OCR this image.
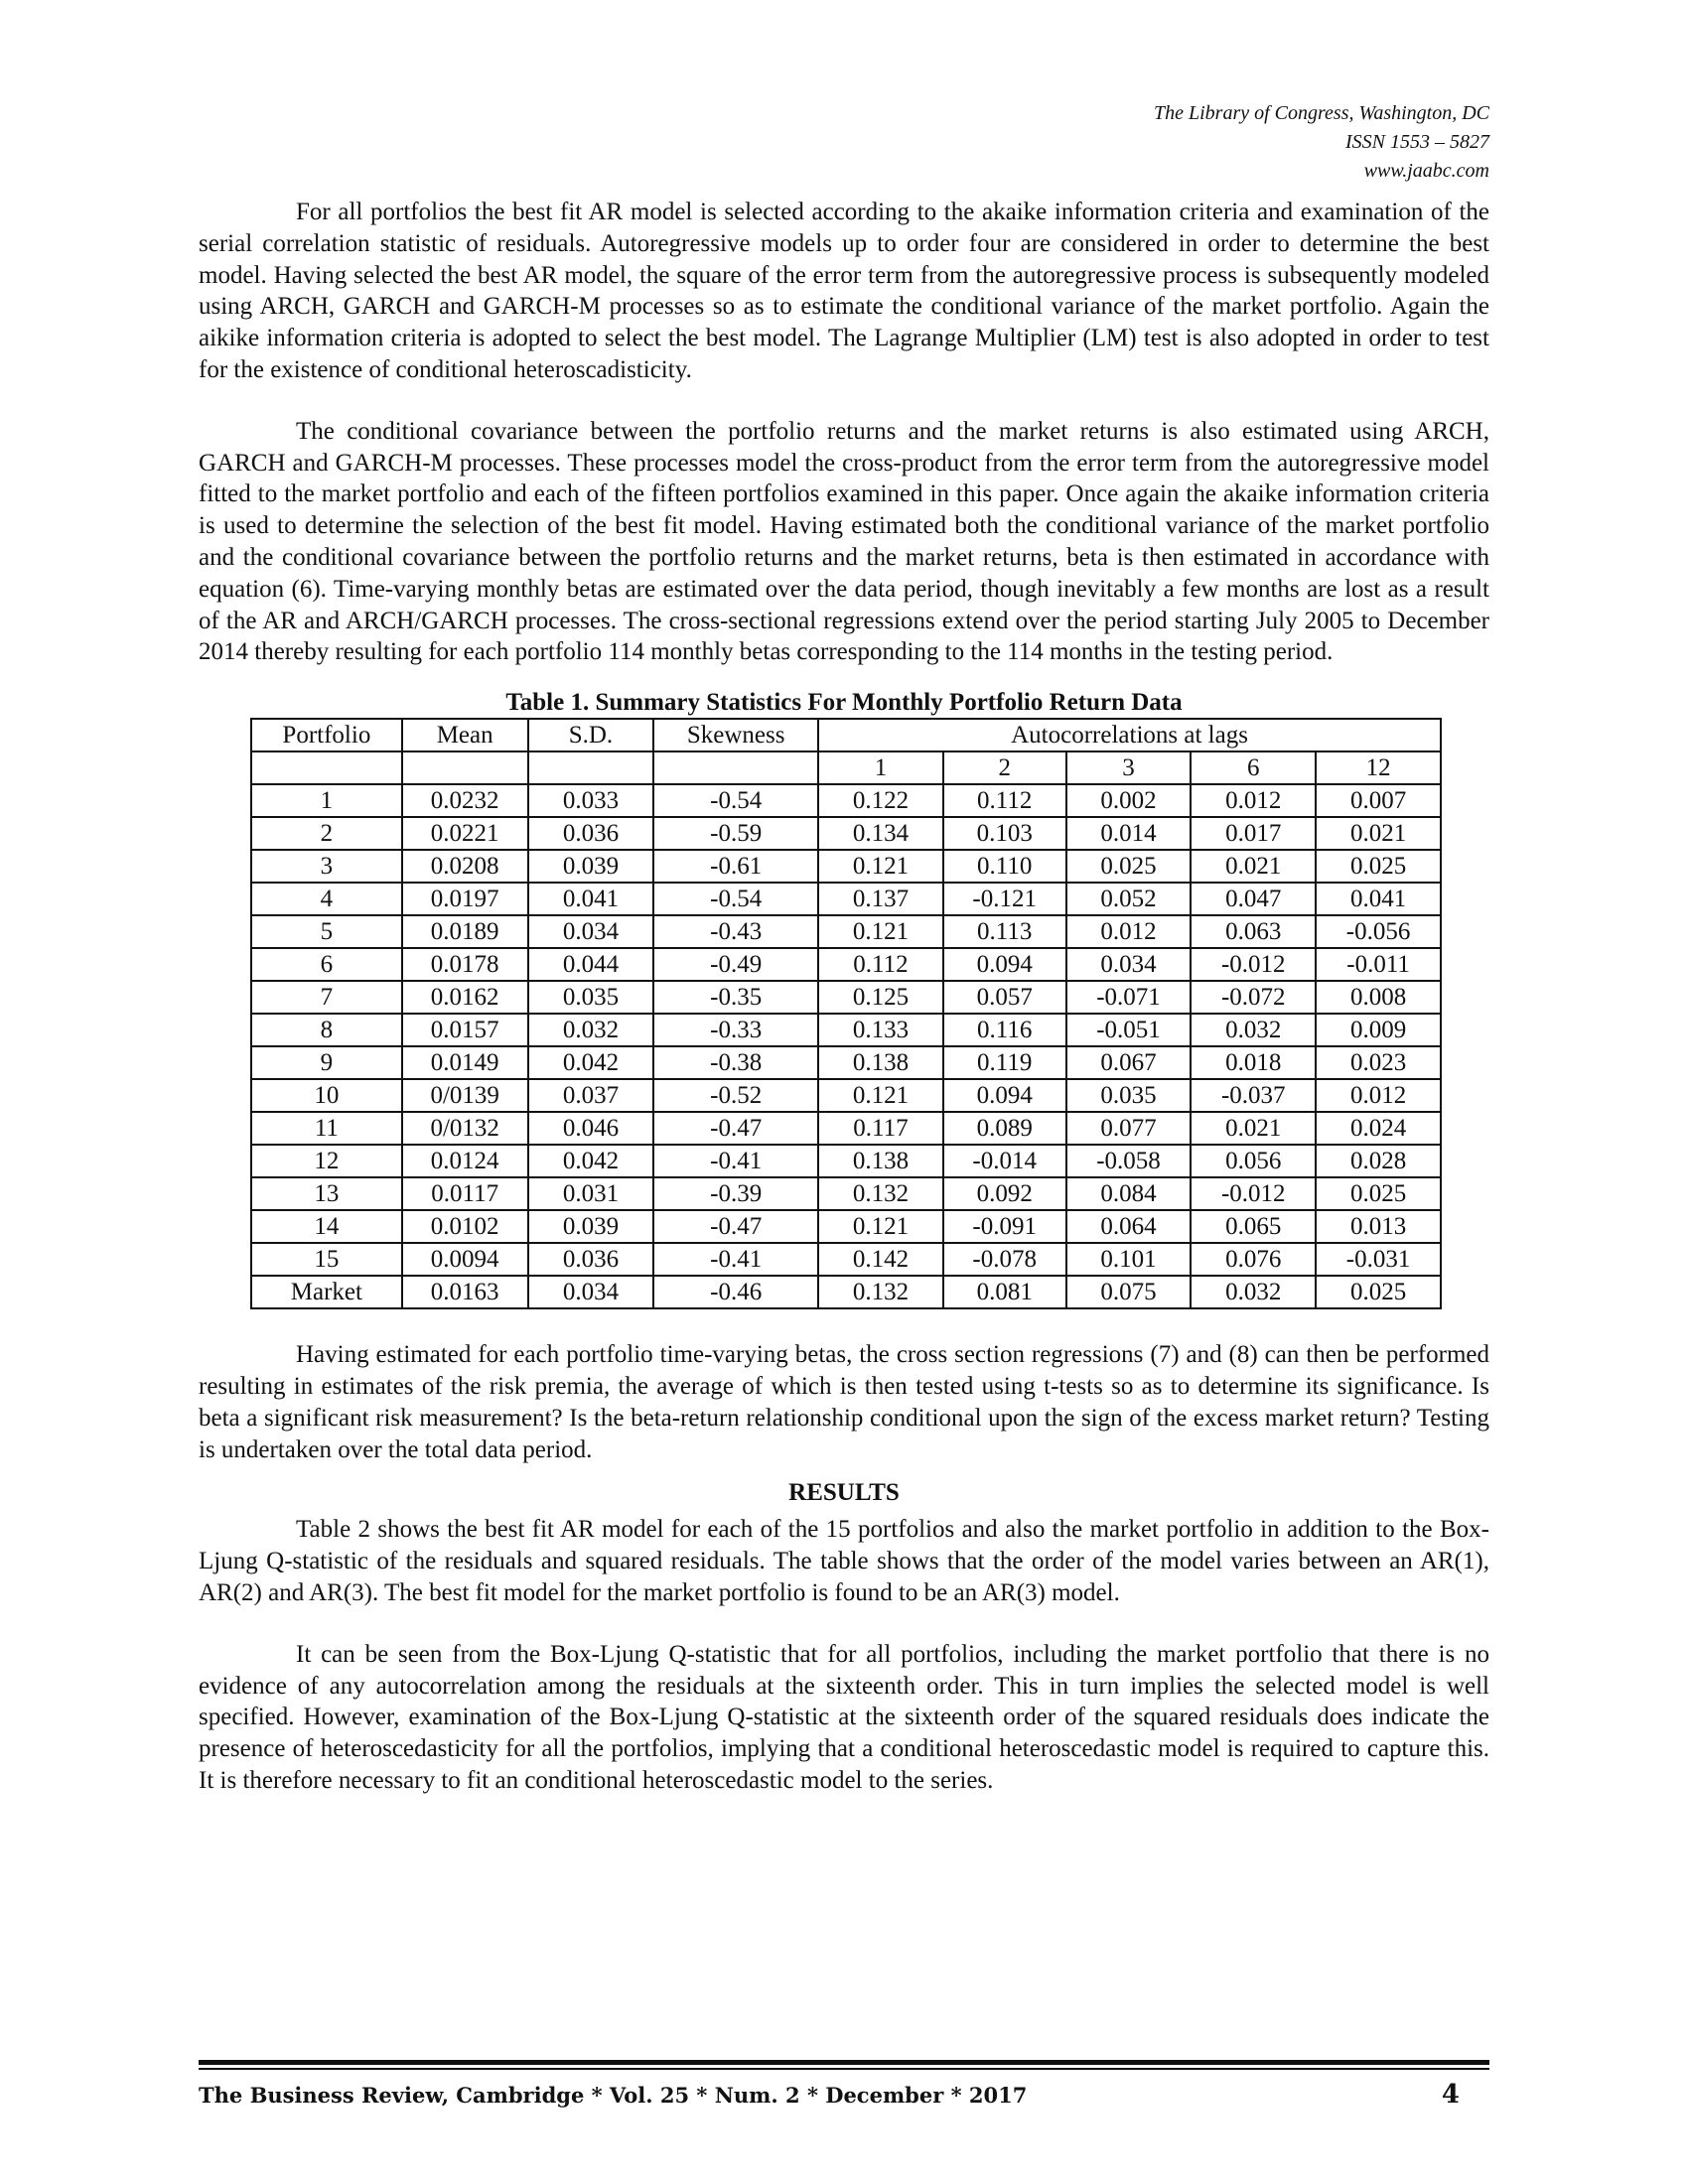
The Library of Congress, Washington, DC
ISSN 1553 – 5827
www.jaabc.com

For all portfolios the best fit AR model is selected according to the akaike information criteria and examination of the serial correlation statistic of residuals. Autoregressive models up to order four are considered in order to determine the best model. Having selected the best AR model, the square of the error term from the autoregressive process is subsequently modeled using ARCH, GARCH and GARCH-M processes so as to estimate the conditional variance of the market portfolio. Again the aikike information criteria is adopted to select the best model. The Lagrange Multiplier (LM) test is also adopted in order to test for the existence of conditional heteroscadisticity.

The conditional covariance between the portfolio returns and the market returns is also estimated using ARCH, GARCH and GARCH-M processes. These processes model the cross-product from the error term from the autoregressive model fitted to the market portfolio and each of the fifteen portfolios examined in this paper. Once again the akaike information criteria is used to determine the selection of the best fit model. Having estimated both the conditional variance of the market portfolio and the conditional covariance between the portfolio returns and the market returns, beta is then estimated in accordance with equation (6). Time-varying monthly betas are estimated over the data period, though inevitably a few months are lost as a result of the AR and ARCH/GARCH processes. The cross-sectional regressions extend over the period starting July 2005 to December 2014 thereby resulting for each portfolio 114 monthly betas corresponding to the 114 months in the testing period.

Table 1. Summary Statistics For Monthly Portfolio Return Data
Portfolio	Mean	S.D.	Skewness	Autocorrelations at lags				
				1	2	3	6	12
1	0.0232	0.033	-0.54	0.122	0.112	0.002	0.012	0.007
2	0.0221	0.036	-0.59	0.134	0.103	0.014	0.017	0.021
3	0.0208	0.039	-0.61	0.121	0.110	0.025	0.021	0.025
4	0.0197	0.041	-0.54	0.137	-0.121	0.052	0.047	0.041
5	0.0189	0.034	-0.43	0.121	0.113	0.012	0.063	-0.056
6	0.0178	0.044	-0.49	0.112	0.094	0.034	-0.012	-0.011
7	0.0162	0.035	-0.35	0.125	0.057	-0.071	-0.072	0.008
8	0.0157	0.032	-0.33	0.133	0.116	-0.051	0.032	0.009
9	0.0149	0.042	-0.38	0.138	0.119	0.067	0.018	0.023
10	0/0139	0.037	-0.52	0.121	0.094	0.035	-0.037	0.012
11	0/0132	0.046	-0.47	0.117	0.089	0.077	0.021	0.024
12	0.0124	0.042	-0.41	0.138	-0.014	-0.058	0.056	0.028
13	0.0117	0.031	-0.39	0.132	0.092	0.084	-0.012	0.025
14	0.0102	0.039	-0.47	0.121	-0.091	0.064	0.065	0.013
15	0.0094	0.036	-0.41	0.142	-0.078	0.101	0.076	-0.031
Market	0.0163	0.034	-0.46	0.132	0.081	0.075	0.032	0.025

Having estimated for each portfolio time-varying betas, the cross section regressions (7) and (8) can then be performed resulting in estimates of the risk premia, the average of which is then tested using t-tests so as to determine its significance. Is beta a significant risk measurement? Is the beta-return relationship conditional upon the sign of the excess market return? Testing is undertaken over the total data period.

RESULTS

Table 2 shows the best fit AR model for each of the 15 portfolios and also the market portfolio in addition to the Box-Ljung Q-statistic of the residuals and squared residuals. The table shows that the order of the model varies between an AR(1), AR(2) and AR(3). The best fit model for the market portfolio is found to be an AR(3) model.

It can be seen from the Box-Ljung Q-statistic that for all portfolios, including the market portfolio that there is no evidence of any autocorrelation among the residuals at the sixteenth order. This in turn implies the selected model is well specified. However, examination of the Box-Ljung Q-statistic at the sixteenth order of the squared residuals does indicate the presence of heteroscedasticity for all the portfolios, implying that a conditional heteroscedastic model is required to capture this. It is therefore necessary to fit an conditional heteroscedastic model to the series.

The Business Review, Cambridge * Vol. 25 * Num. 2 * December * 2017	4
